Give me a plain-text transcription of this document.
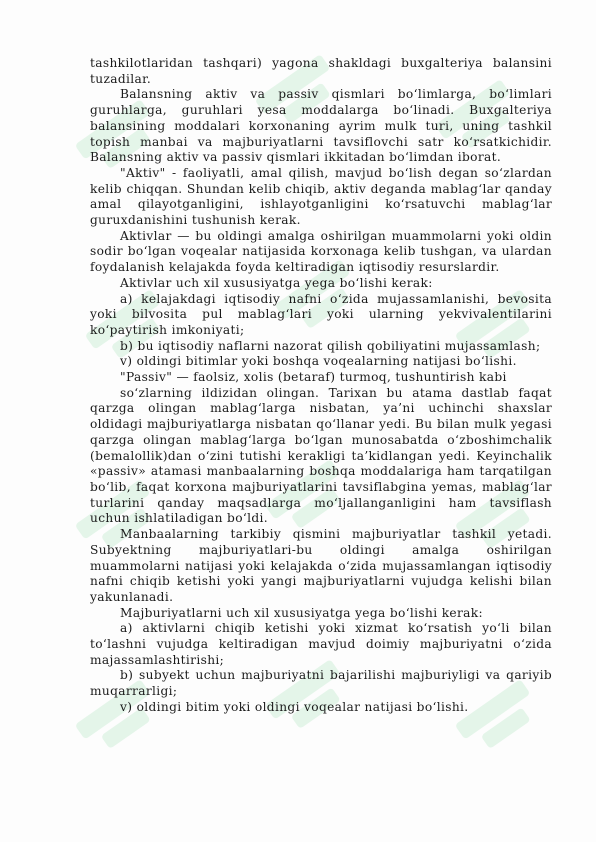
tashkilotlaridan tashqari) yagona shakldagi buxgalteriya balansini tuzadilar.

Balansning aktiv va passiv qismlari bo‘limlarga, bo‘limlari guruhlarga, guruhlari yesa moddalarga bo‘linadi. Buxgalteriya balansining moddalari korxonaning ayrim mulk turi, uning tashkil topish manbai va majburiyatlarni tavsiflovchi satr ko‘rsatkichidir. Balansning aktiv va passiv qismlari ikkitadan bo‘limdan iborat.

"Aktiv" - faoliyatli, amal qilish, mavjud bo‘lish degan so‘zlardan kelib chiqqan. Shundan kelib chiqib, aktiv deganda mablag‘lar qanday amal qilayotganligini, ishlayotganligini ko‘rsatuvchi mablag‘lar guruxdanishini tushunish kerak.

Aktivlar — bu oldingi amalga oshirilgan muammolarni yoki oldin sodir bo‘lgan voqealar natijasida korxonaga kelib tushgan, va ulardan foydalanish kelajakda foyda keltiradigan iqtisodiy resurslardir.

Aktivlar uch xil xususiyatga yega bo‘lishi kerak:

a) kelajakdagi iqtisodiy nafni o‘zida mujassamlanishi, bevosita yoki bilvosita pul mablag‘lari yoki ularning yekvivalentilarini ko‘paytirish imkoniyati;

b) bu iqtisodiy naflarni nazorat qilish qobiliyatini mujassamlash;

v) oldingi bitimlar yoki boshqa voqealarning natijasi bo‘lishi.

"Passiv" — faolsiz, xolis (betaraf) turmoq, tushuntirish kabi

so‘zlarning ildizidan olingan. Tarixan bu atama dastlab faqat qarzga olingan mablag‘larga nisbatan, ya’ni uchinchi shaxslar oldidagi majburiyatlarga nisbatan qo‘llanar yedi. Bu bilan mulk yegasi qarzga olingan mablag‘larga bo‘lgan munosabatda o‘zboshimchalik (bemalollik)dan o‘zini tutishi kerakligi ta’kidlangan yedi. Keyinchalik «passiv» atamasi manbaalarning boshqa moddalariga ham tarqatilgan bo‘lib, faqat korxona majburiyatlarini tavsiflabgina yemas, mablag‘lar turlarini qanday maqsadlarga mo‘ljallanganligini ham tavsiflash uchun ishlatiladigan bo‘ldi.

Manbaalarning tarkibiy qismini majburiyatlar tashkil yetadi. Subyektning majburiyatlari-bu oldingi amalga oshirilgan muammolarni natijasi yoki kelajakda o‘zida mujassamlangan iqtisodiy nafni chiqib ketishi yoki yangi majburiyatlarni vujudga kelishi bilan yakunlanadi.

Majburiyatlarni uch xil xususiyatga yega bo‘lishi kerak:

a) aktivlarni chiqib ketishi yoki xizmat ko‘rsatish yo‘li bilan to‘lashni vujudga keltiradigan mavjud doimiy majburiyatni o‘zida majassamlashtirishi;

b) subyekt uchun majburiyatni bajarilishi majburiyligi va qariyib muqarrarligi;

v) oldingi bitim yoki oldingi voqealar natijasi bo‘lishi.
